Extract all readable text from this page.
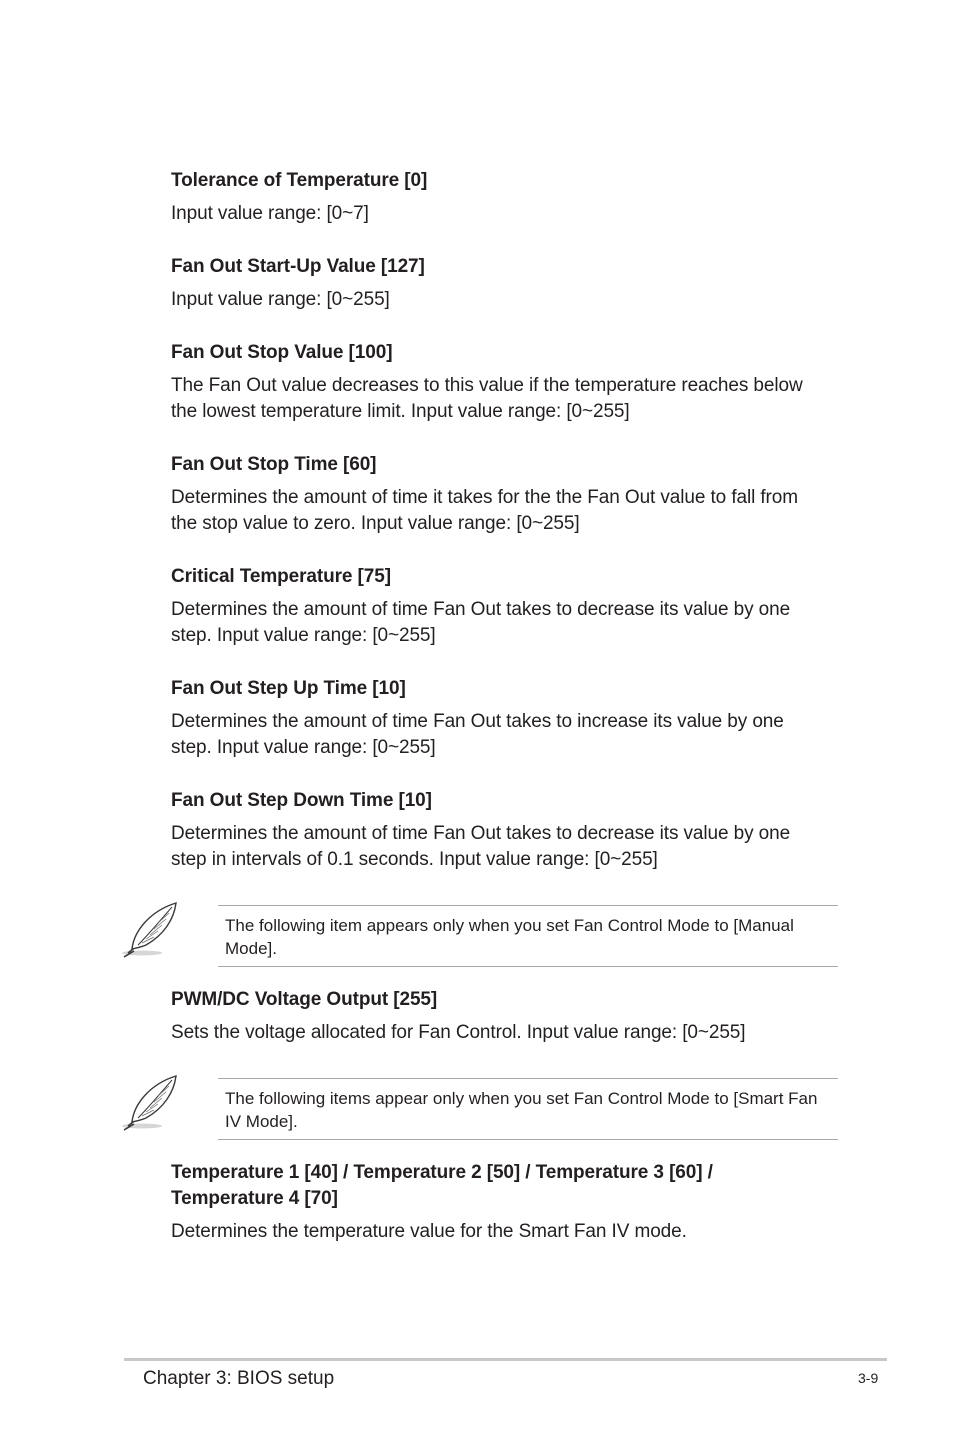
Tolerance of Temperature [0]

Input value range: [0~7]

Fan Out Start-Up Value [127]

Input value range: [0~255]

Fan Out Stop Value [100]

The Fan Out value decreases to this value if the temperature reaches below
the lowest temperature limit. Input value range: [0~255]

Fan Out Stop Time [60]

Determines the amount of time it takes for the the Fan Out value to fall from
the stop value to zero. Input value range: [0~255]

Critical Temperature [75]

Determines the amount of time Fan Out takes to decrease its value by one
step. Input value range: [0~255]

Fan Out Step Up Time [10]

Determines the amount of time Fan Out takes to increase its value by one
step. Input value range: [0~255]

Fan Out Step Down Time [10]

Determines the amount of time Fan Out takes to decrease its value by one
step in intervals of 0.1 seconds. Input value range: [0~255]

The following item appears only when you set Fan Control Mode to [Manual
Mode].

PWM/DC Voltage Output [255]

Sets the voltage allocated for Fan Control. Input value range: [0~255]

The following items appear only when you set Fan Control Mode to [Smart Fan
IV Mode].

Temperature 1 [40] / Temperature 2 [50] / Temperature 3 [60] /
Temperature 4 [70]

Determines the temperature value for the Smart Fan IV mode.

Chapter 3: BIOS setup	3-9
